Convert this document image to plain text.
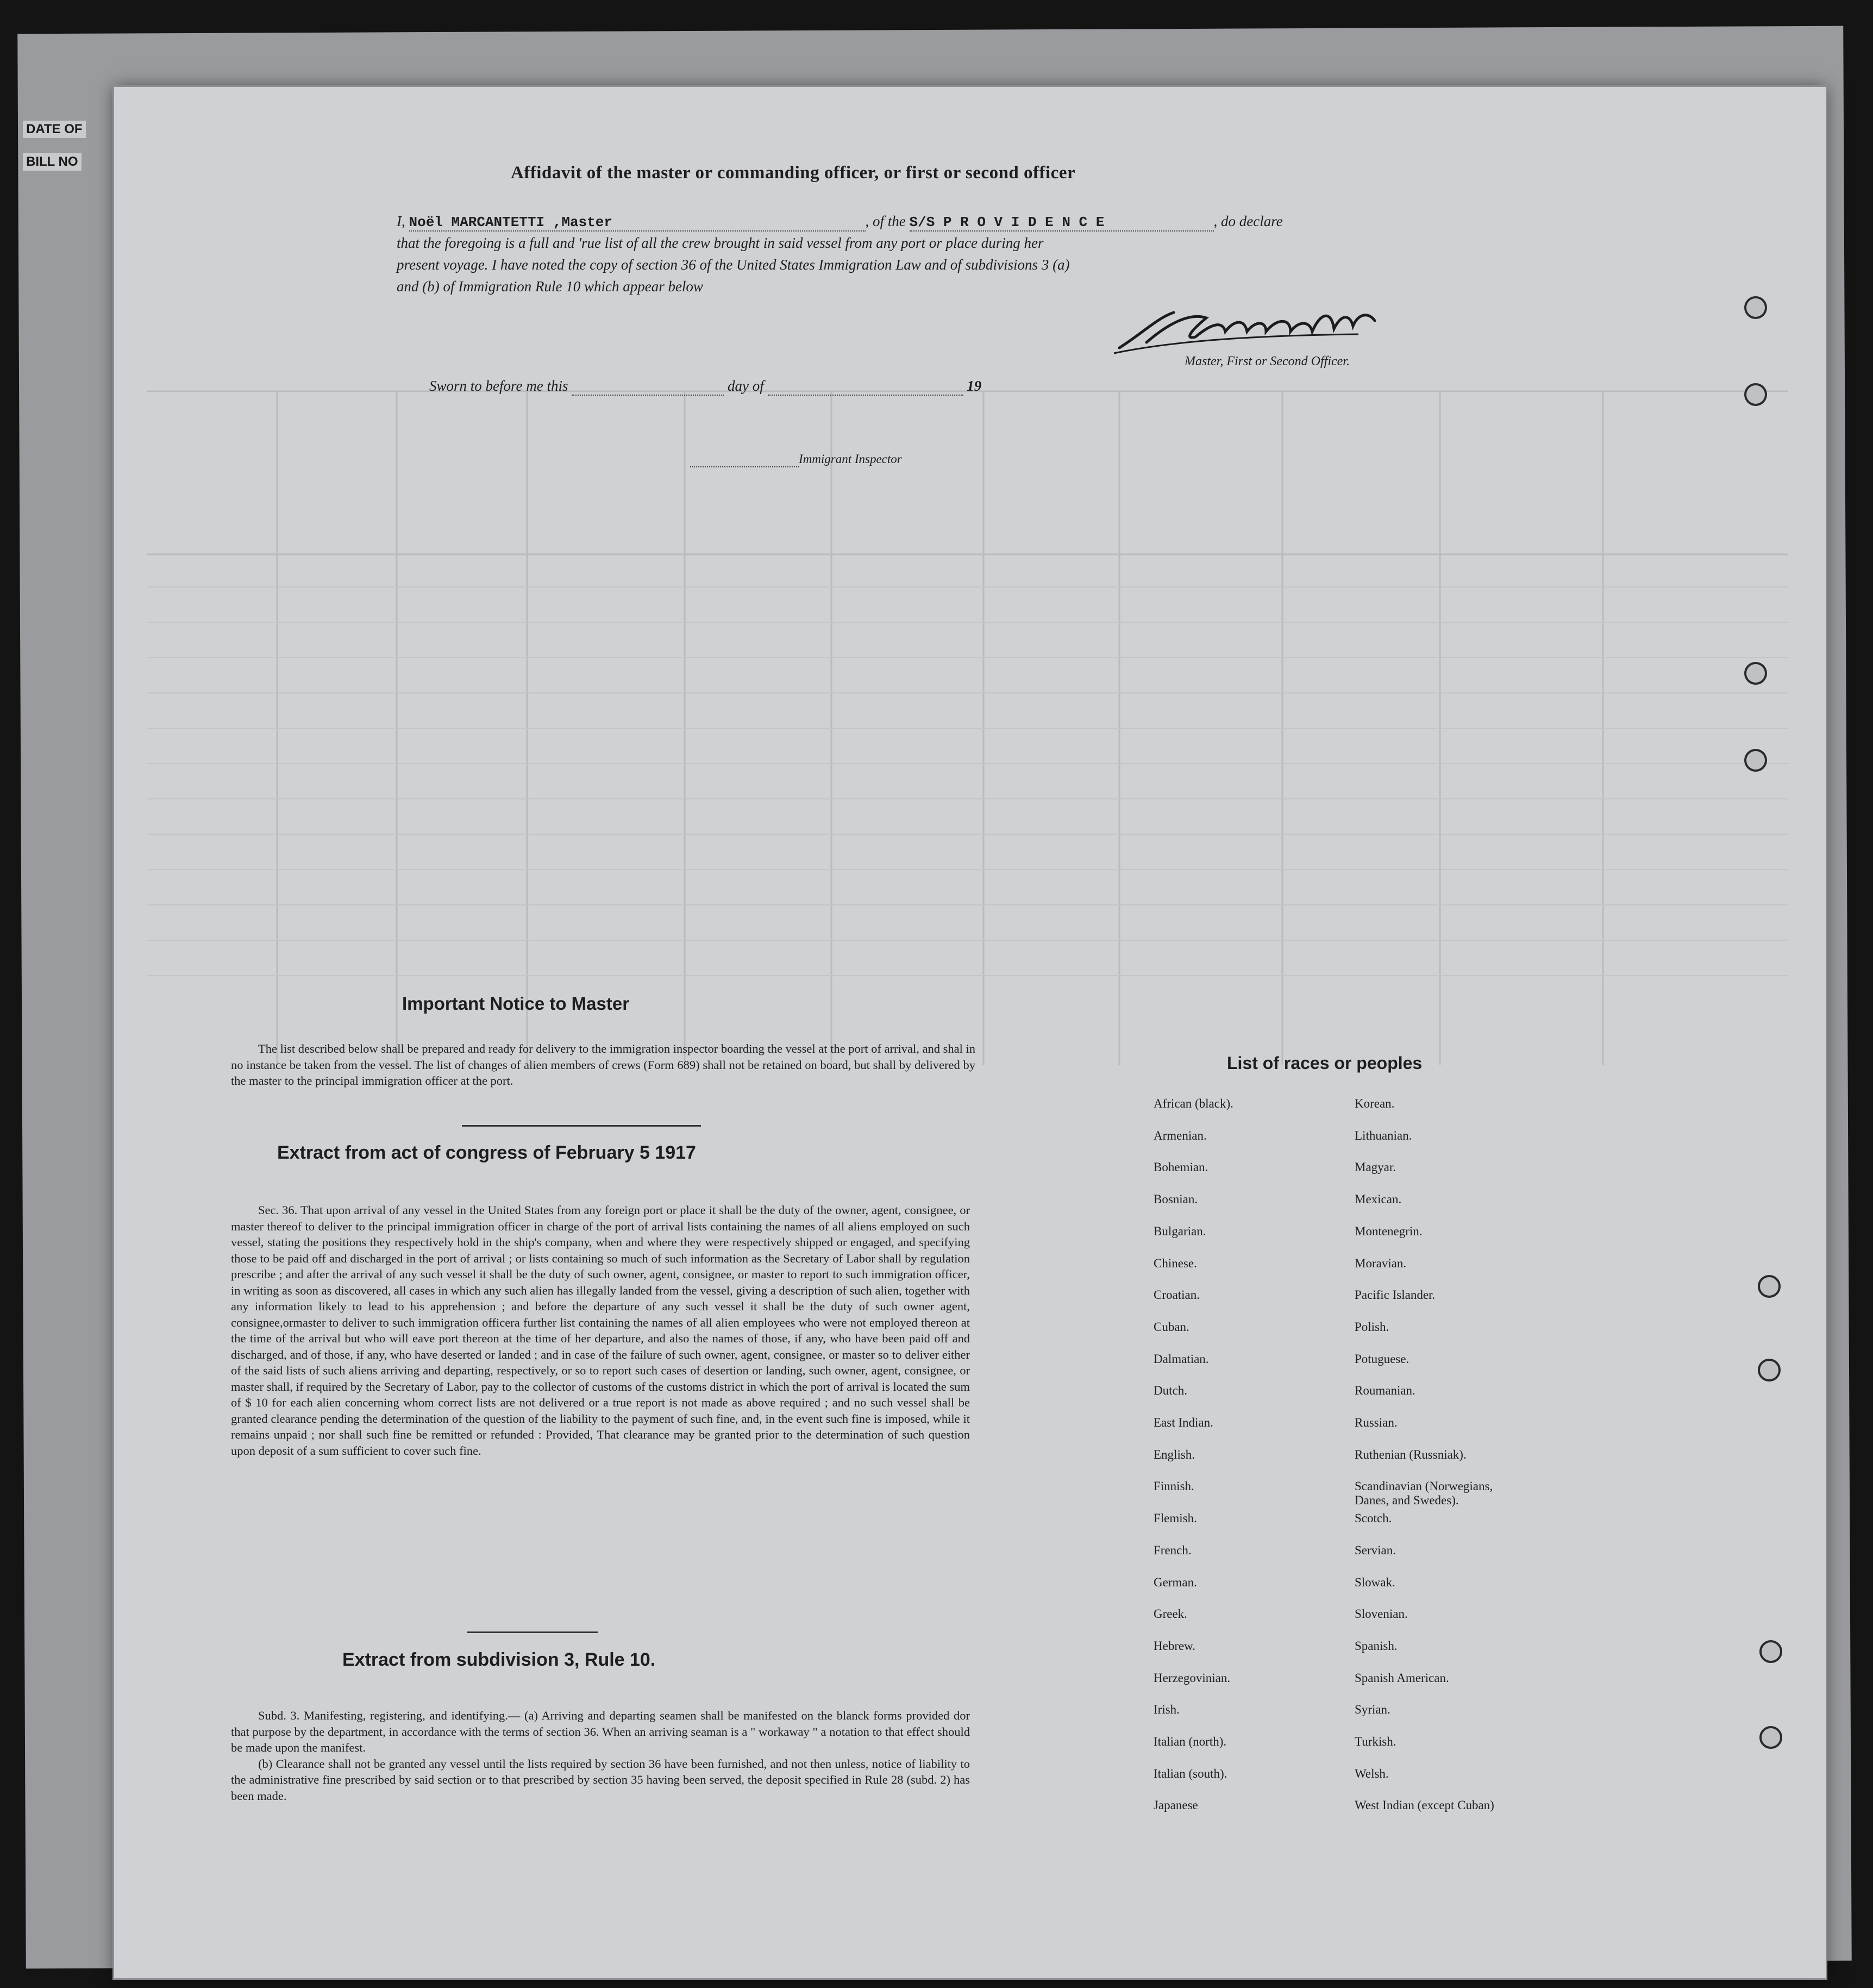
DATE OF
BILL NO
Affidavit of the master or commanding officer, or first or second officer
I, Noël MARCANTETTI ,Master	, of the S/S P R O V I D E N C E	, do declare
that the foregoing is a full and 'rue list of all the crew brought in said vessel from any port or place during her
present voyage. I have noted the copy of section 36 of the United States Immigration Law and of subdivisions 3 (a)
and (b) of Immigration Rule 10 which appear below
Master, First or Second Officer.
Sworn to before me this	day of	19
Immigrant Inspector
Important Notice to Master

The list described below shall be prepared and ready for delivery to the immigration inspector boarding the vessel at the port of arrival, and shal in no instance be taken from the vessel. The list of changes of alien members of crews (Form 689) shall not be retained on board, but shall by delivered by the master to the principal immigration officer at the port.

Extract from act of congress of February 5 1917

Sec. 36. That upon arrival of any vessel in the United States from any foreign port or place it shall be the duty of the owner, agent, consignee, or master thereof to deliver to the principal immigration officer in charge of the port of arrival lists containing the names of all aliens employed on such vessel, stating the positions they respectively hold in the ship's company, when and where they were respectively shipped or engaged, and specifying those to be paid off and discharged in the port of arrival ; or lists containing so much of such information as the Secretary of Labor shall by regulation prescribe ; and after the arrival of any such vessel it shall be the duty of such owner, agent, consignee, or master to report to such immigration officer, in writing as soon as discovered, all cases in which any such alien has illegally landed from the vessel, giving a description of such alien, together with any information likely to lead to his apprehension ; and before the departure of any such vessel it shall be the duty of such owner agent, consignee,ormaster to deliver to such immigration officera further list containing the names of all alien employees who were not employed thereon at the time of the arrival but who will eave port thereon at the time of her departure, and also the names of those, if any, who have been paid off and discharged, and of those, if any, who have deserted or landed ; and in case of the failure of such owner, agent, consignee, or master so to deliver either of the said lists of such aliens arriving and departing, respectively, or so to report such cases of desertion or landing, such owner, agent, consignee, or master shall, if required by the Secretary of Labor, pay to the collector of customs of the customs district in which the port of arrival is located the sum of $ 10 for each alien concerning whom correct lists are not delivered or a true report is not made as above required ; and no such vessel shall be granted clearance pending the determination of the question of the liability to the payment of such fine, and, in the event such fine is imposed, while it remains unpaid ; nor shall such fine be remitted or refunded : Provided, That clearance may be granted prior to the determination of such question upon deposit of a sum sufficient to cover such fine.

Extract from subdivision 3, Rule 10.

Subd. 3. Manifesting, registering, and identifying.— (a) Arriving and departing seamen shall be manifested on the blanck forms provided dor that purpose by the department, in accordance with the terms of section 36. When an arriving seaman is a " workaway " a notation to that effect should be made upon the manifest.

(b) Clearance shall not be granted any vessel until the lists required by section 36 have been furnished, and not then unless, notice of liability to the administrative fine prescribed by said section or to that prescribed by section 35 having been served, the deposit specified in Rule 28 (subd. 2) has been made.

List of races or peoples
African (black).
Armenian.
Bohemian.
Bosnian.
Bulgarian.
Chinese.
Croatian.
Cuban.
Dalmatian.
Dutch.
East Indian.
English.
Finnish.
Flemish.
French.
German.
Greek.
Hebrew.
Herzegovinian.
Irish.
Italian (north).
Italian (south).
Japanese
Korean.
Lithuanian.
Magyar.
Mexican.
Montenegrin.
Moravian.
Pacific Islander.
Polish.
Potuguese.
Roumanian.
Russian.
Ruthenian (Russniak).
Scandinavian (Norwegians, Danes, and Swedes).
Scotch.
Servian.
Slowak.
Slovenian.
Spanish.
Spanish American.
Syrian.
Turkish.
Welsh.
West Indian (except Cuban)
